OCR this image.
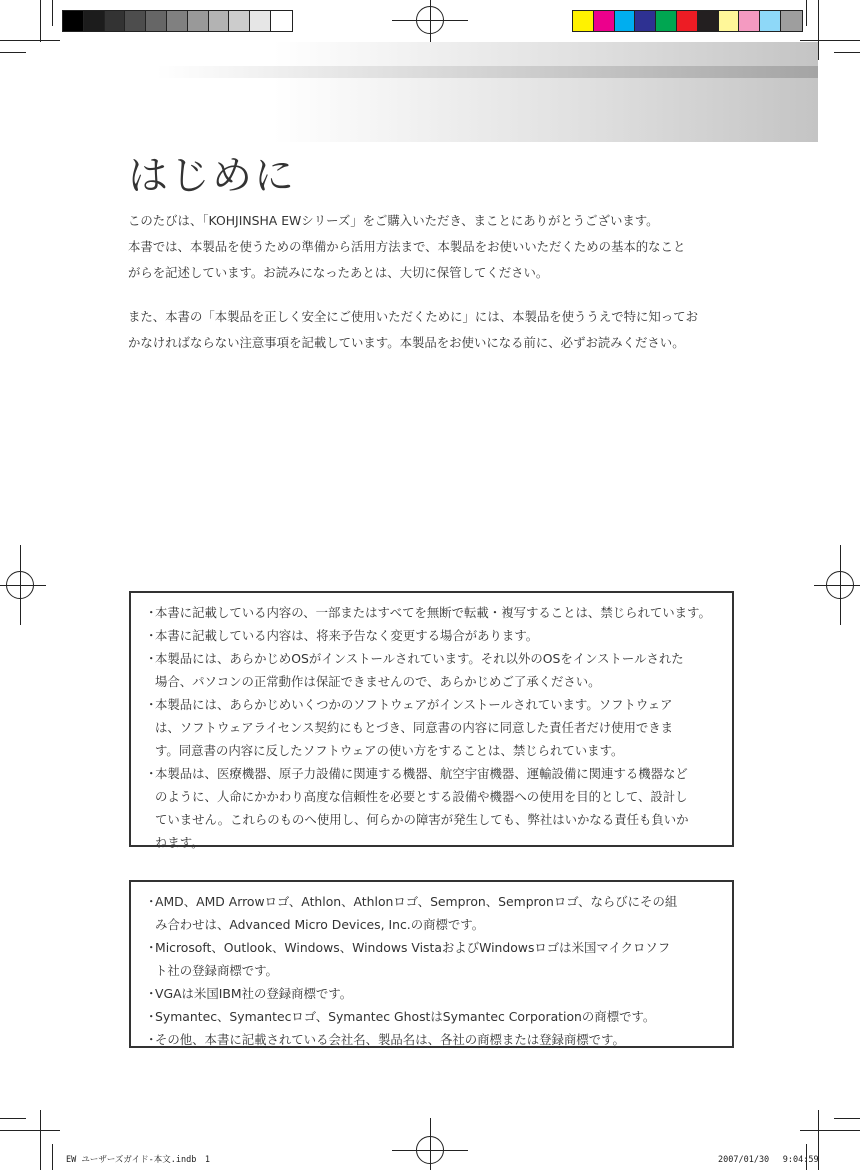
はじめに

このたびは、「KOHJINSHA EWシリーズ」をご購入いただき、まことにありがとうございます。

本書では、本製品を使うための準備から活用方法まで、本製品をお使いいただくための基本的なこと

がらを記述しています。お読みになったあとは、大切に保管してください。

また、本書の「本製品を正しく安全にご使用いただくために」には、本製品を使ううえで特に知ってお

かなければならない注意事項を記載しています。本製品をお使いになる前に、必ずお読みください。

・
本書に記載している内容の、一部またはすべてを無断で転載・複写することは、禁じられています。
・
本書に記載している内容は、将来予告なく変更する場合があります。
・
本製品には、あらかじめOSがインストールされています。それ以外のOSをインストールされた
場合、パソコンの正常動作は保証できませんので、あらかじめご了承ください。
・
本製品には、あらかじめいくつかのソフトウェアがインストールされています。ソフトウェア
は、ソフトウェアライセンス契約にもとづき、同意書の内容に同意した責任者だけ使用できま
す。同意書の内容に反したソフトウェアの使い方をすることは、禁じられています。
・
本製品は、医療機器、原子力設備に関連する機器、航空宇宙機器、運輸設備に関連する機器など
のように、人命にかかわり高度な信頼性を必要とする設備や機器への使用を目的として、設計し
ていません。これらのものへ使用し、何らかの障害が発生しても、弊社はいかなる責任も負いか
ねます。
・
AMD、AMD Arrowロゴ、Athlon、Athlonロゴ、Sempron、Sempronロゴ、ならびにその組
み合わせは、Advanced Micro Devices, Inc.の商標です。
・
Microsoft、Outlook、Windows、Windows VistaおよびWindowsロゴは米国マイクロソフ
ト社の登録商標です。
・
VGAは米国IBM社の登録商標です。
・
Symantec、Symantecロゴ、Symantec GhostはSymantec Corporationの商標です。
・
その他、本書に記載されている会社名、製品名は、各社の商標または登録商標です。
EW ユーザーズガイド-本文.indb　1	2007/01/30　 9:04:59
